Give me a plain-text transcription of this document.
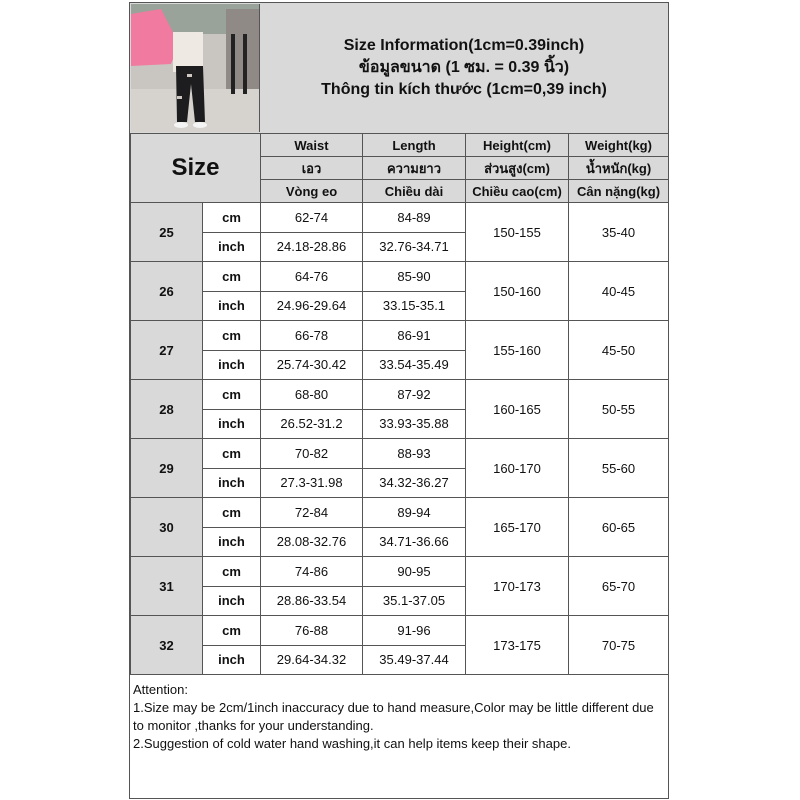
Size Information(1cm=0.39inch)
ข้อมูลขนาด (1 ซม. = 0.39 นิ้ว)
Thông tin kích thước (1cm=0,39 inch)
Size		Waist	Length	Height(cm)	Weight(kg)
		เอว	ความยาว	ส่วนสูง(cm)	น้ำหนัก(kg)
		Vòng eo	Chiều dài	Chiều cao(cm)	Cân nặng(kg)
25	cm	62-74	84-89	150-155	35-40
	inch	24.18-28.86	32.76-34.71		
26	cm	64-76	85-90	150-160	40-45
	inch	24.96-29.64	33.15-35.1		
27	cm	66-78	86-91	155-160	45-50
	inch	25.74-30.42	33.54-35.49		
28	cm	68-80	87-92	160-165	50-55
	inch	26.52-31.2	33.93-35.88		
29	cm	70-82	88-93	160-170	55-60
	inch	27.3-31.98	34.32-36.27		
30	cm	72-84	89-94	165-170	60-65
	inch	28.08-32.76	34.71-36.66		
31	cm	74-86	90-95	170-173	65-70
	inch	28.86-33.54	35.1-37.05		
32	cm	76-88	91-96	173-175	70-75
	inch	29.64-34.32	35.49-37.44		
Attention:
1.Size may be 2cm/1inch inaccuracy due to hand measure,Color may be little different due to monitor ,thanks for your understanding.
2.Suggestion of cold water hand washing,it can help items keep their shape.
